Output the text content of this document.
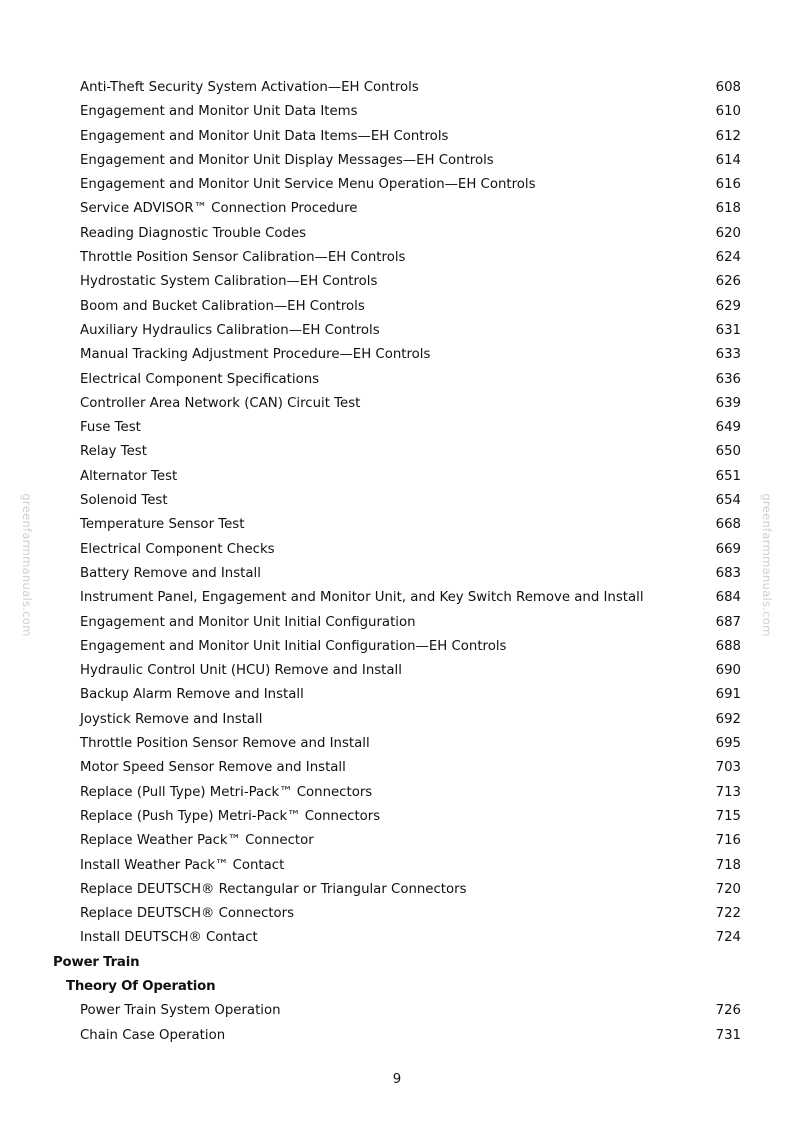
Anti-Theft Security System Activation—EH Controls	608
Engagement and Monitor Unit Data Items	610
Engagement and Monitor Unit Data Items—EH Controls	612
Engagement and Monitor Unit Display Messages—EH Controls	614
Engagement and Monitor Unit Service Menu Operation—EH Controls	616
Service ADVISOR™ Connection Procedure	618
Reading Diagnostic Trouble Codes	620
Throttle Position Sensor Calibration—EH Controls	624
Hydrostatic System Calibration—EH Controls	626
Boom and Bucket Calibration—EH Controls	629
Auxiliary Hydraulics Calibration—EH Controls	631
Manual Tracking Adjustment Procedure—EH Controls	633
Electrical Component Specifications	636
Controller Area Network (CAN) Circuit Test	639
Fuse Test	649
Relay Test	650
Alternator Test	651
Solenoid Test	654
Temperature Sensor Test	668
Electrical Component Checks	669
Battery Remove and Install	683
Instrument Panel, Engagement and Monitor Unit, and Key Switch Remove and Install	684
Engagement and Monitor Unit Initial Configuration	687
Engagement and Monitor Unit Initial Configuration—EH Controls	688
Hydraulic Control Unit (HCU) Remove and Install	690
Backup Alarm Remove and Install	691
Joystick Remove and Install	692
Throttle Position Sensor Remove and Install	695
Motor Speed Sensor Remove and Install	703
Replace (Pull Type) Metri-Pack™ Connectors	713
Replace (Push Type) Metri-Pack™ Connectors	715
Replace Weather Pack™ Connector	716
Install Weather Pack™ Contact	718
Replace DEUTSCH® Rectangular or Triangular Connectors	720
Replace DEUTSCH® Connectors	722
Install DEUTSCH® Contact	724
Power Train
Theory Of Operation
Power Train System Operation	726
Chain Case Operation	731
9
greenfarmmanuals.com	greenfarmmanuals.com
